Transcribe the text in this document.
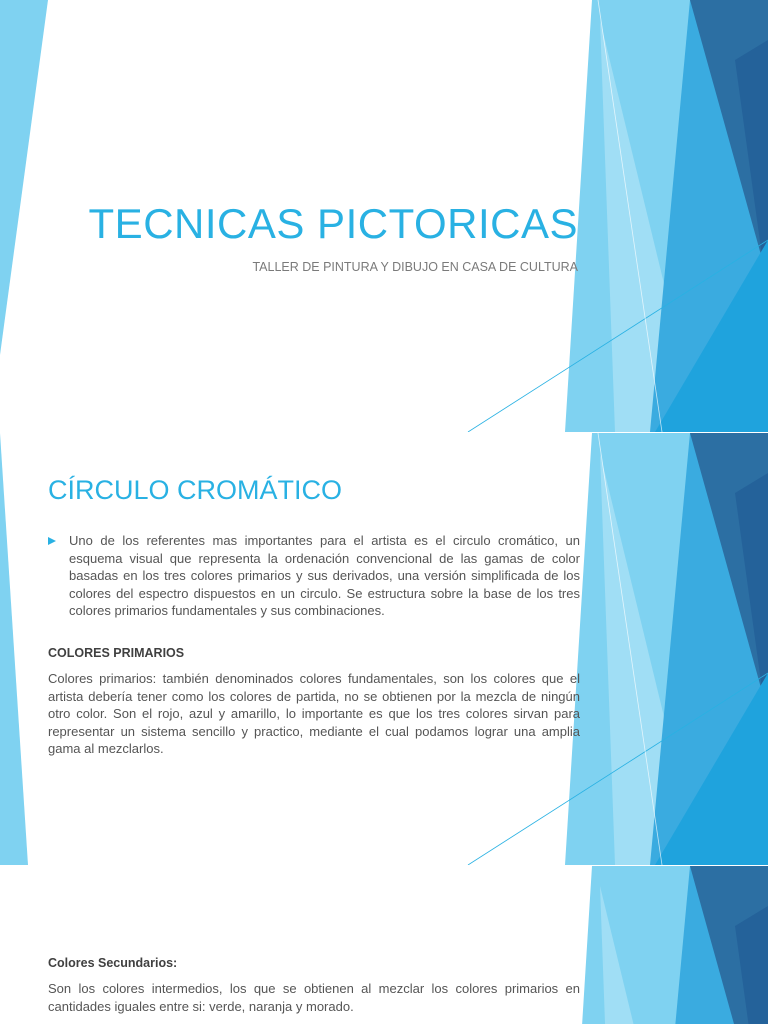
TECNICAS PICTORICAS

TALLER DE PINTURA Y DIBUJO EN CASA DE CULTURA

CÍRCULO CROMÁTICO

Uno de los referentes mas importantes para el artista es el circulo cromático, un esquema visual que representa la ordenación convencional de las gamas de color basadas en los tres colores primarios y sus derivados, una versión simplificada de los colores del espectro dispuestos en un circulo. Se estructura sobre la base de los tres colores primarios fundamentales y sus combinaciones.

COLORES PRIMARIOS

Colores primarios: también denominados colores fundamentales, son los colores que el artista debería tener como los colores de partida, no se obtienen por la mezcla de ningún otro color. Son el rojo, azul y amarillo, lo importante es que los tres colores sirvan para representar un sistema sencillo y practico, mediante el cual podamos lograr una amplia gama al mezclarlos.

Colores Secundarios:

Son los colores intermedios, los que se obtienen al mezclar los colores primarios en cantidades iguales entre si: verde, naranja y morado.
